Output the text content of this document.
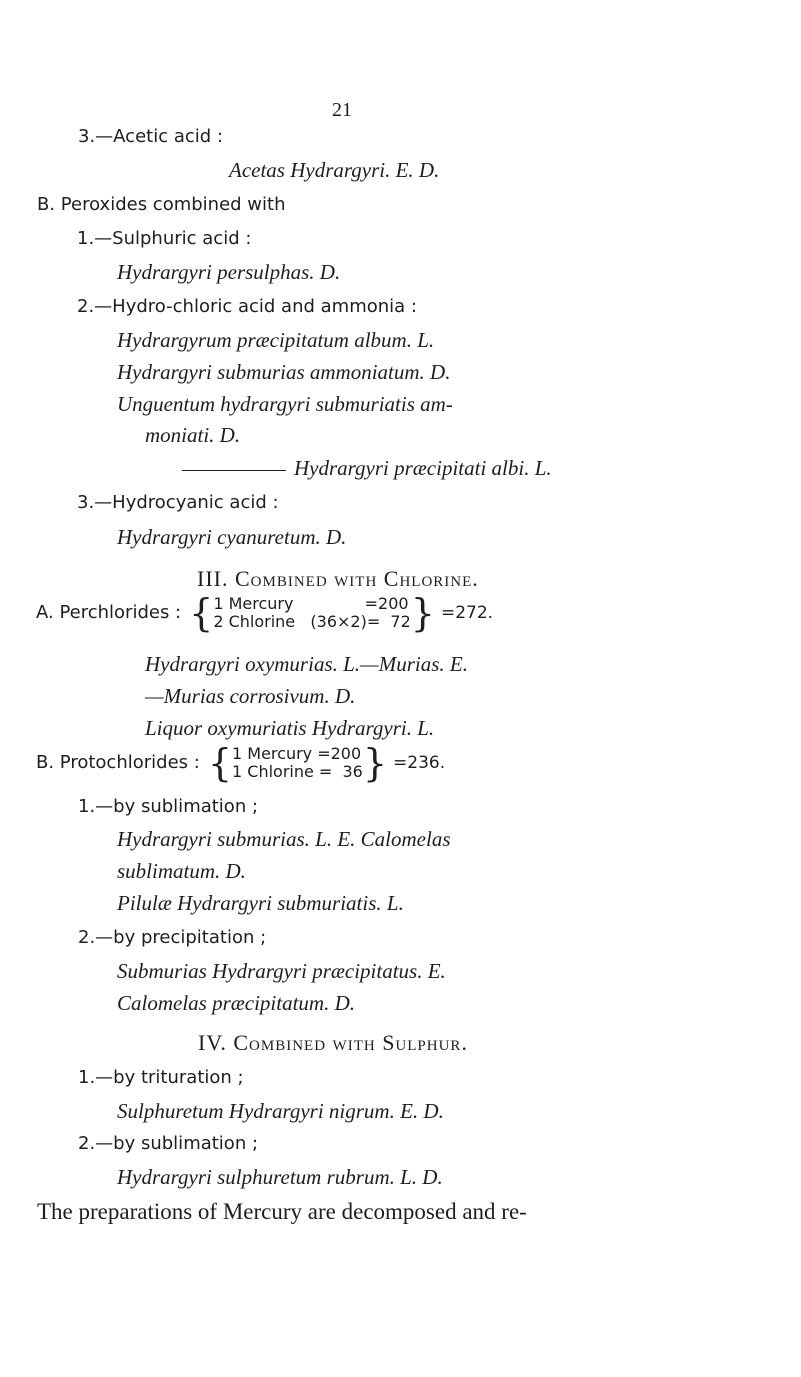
21
3.—Acetic acid :
Acetas Hydrargyri. E. D.
B. Peroxides combined with
1.—Sulphuric acid :
Hydrargyri persulphas. D.
2.—Hydro-chloric acid and ammonia :
Hydrargyrum præcipitatum album. L.
Hydrargyri submurias ammoniatum. D.
Unguentum hydrargyri submuriatis am-
moniati. D.
Hydrargyri præcipitati albi. L.
3.—Hydrocyanic acid :
Hydrargyri cyanuretum. D.
III. Combined with Chlorine.
A. Perchlorides : { 1 Mercury              =200
2 Chlorine   (36×2)=  72 } =272.
Hydrargyri oxymurias. L.—Murias. E.
—Murias corrosivum. D.
Liquor oxymuriatis Hydrargyri. L.
B. Protochlorides : { 1 Mercury =200
1 Chlorine =  36 } =236.
1.—by sublimation ;
Hydrargyri submurias. L. E. Calomelas
sublimatum. D.
Pilulæ Hydrargyri submuriatis. L.
2.—by precipitation ;
Submurias Hydrargyri præcipitatus. E.
Calomelas præcipitatum. D.
IV. Combined with Sulphur.
1.—by trituration ;
Sulphuretum Hydrargyri nigrum. E. D.
2.—by sublimation ;
Hydrargyri sulphuretum rubrum. L. D.
The preparations of Mercury are decomposed and re-
